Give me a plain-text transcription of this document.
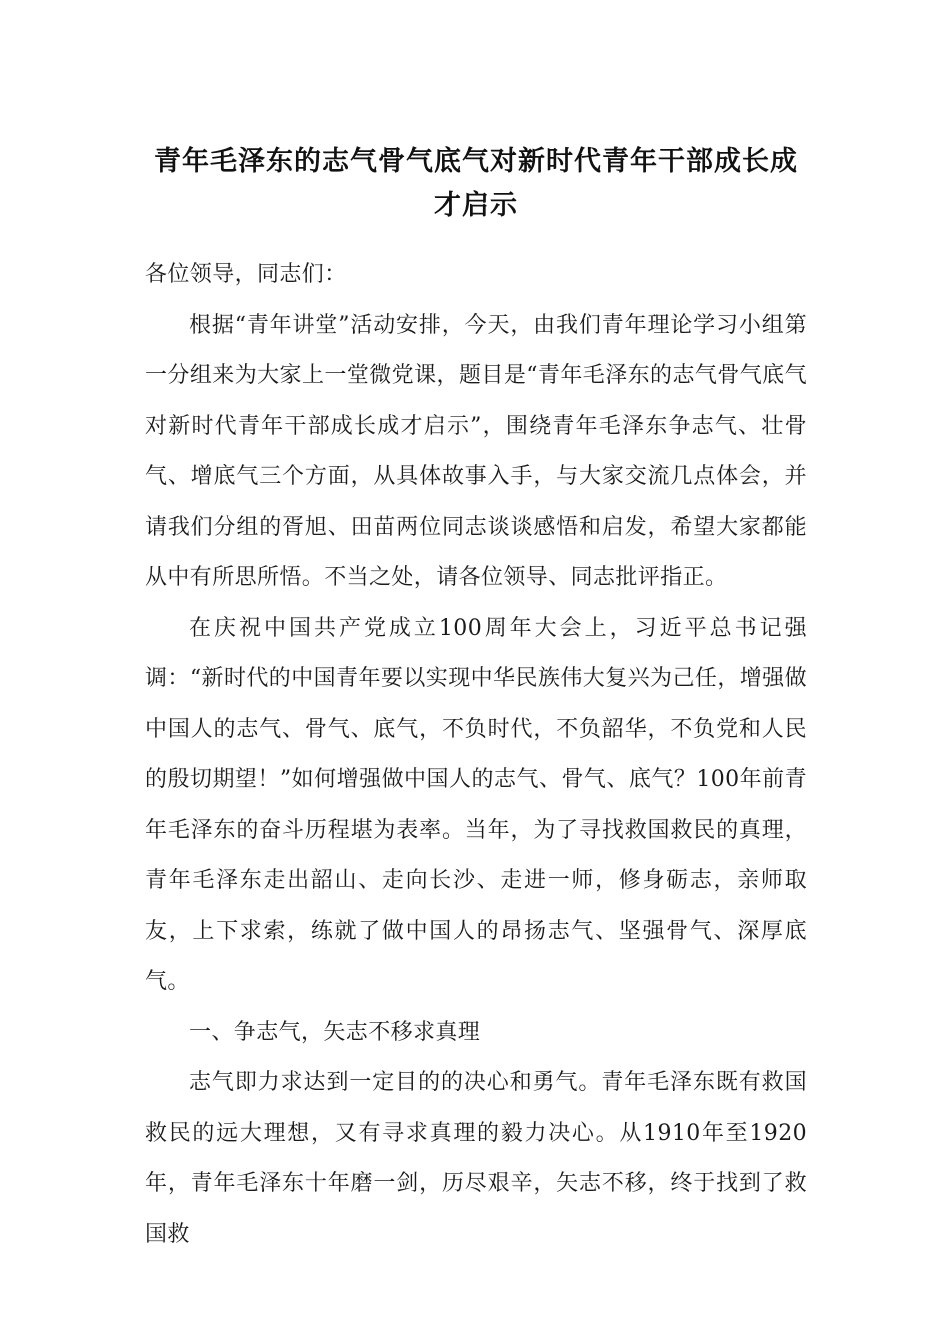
青年毛泽东的志气骨气底气对新时代青年干部成长成才启示

各位领导，同志们：

根据“青年讲堂”活动安排，今天，由我们青年理论学习小组第一分组来为大家上一堂微党课，题目是“青年毛泽东的志气骨气底气对新时代青年干部成长成才启示”，围绕青年毛泽东争志气、壮骨气、增底气三个方面，从具体故事入手，与大家交流几点体会，并请我们分组的胥旭、田苗两位同志谈谈感悟和启发，希望大家都能从中有所思所悟。不当之处，请各位领导、同志批评指正。

在庆祝中国共产党成立100周年大会上，习近平总书记强调：“新时代的中国青年要以实现中华民族伟大复兴为己任，增强做中国人的志气、骨气、底气，不负时代，不负韶华，不负党和人民的殷切期望！”如何增强做中国人的志气、骨气、底气？100年前青年毛泽东的奋斗历程堪为表率。当年，为了寻找救国救民的真理，青年毛泽东走出韶山、走向长沙、走进一师，修身砺志，亲师取友，上下求索，练就了做中国人的昂扬志气、坚强骨气、深厚底气。

一、争志气，矢志不移求真理

志气即力求达到一定目的的决心和勇气。青年毛泽东既有救国救民的远大理想，又有寻求真理的毅力决心。从1910年至1920年，青年毛泽东十年磨一剑，历尽艰辛，矢志不移，终于找到了救国救
